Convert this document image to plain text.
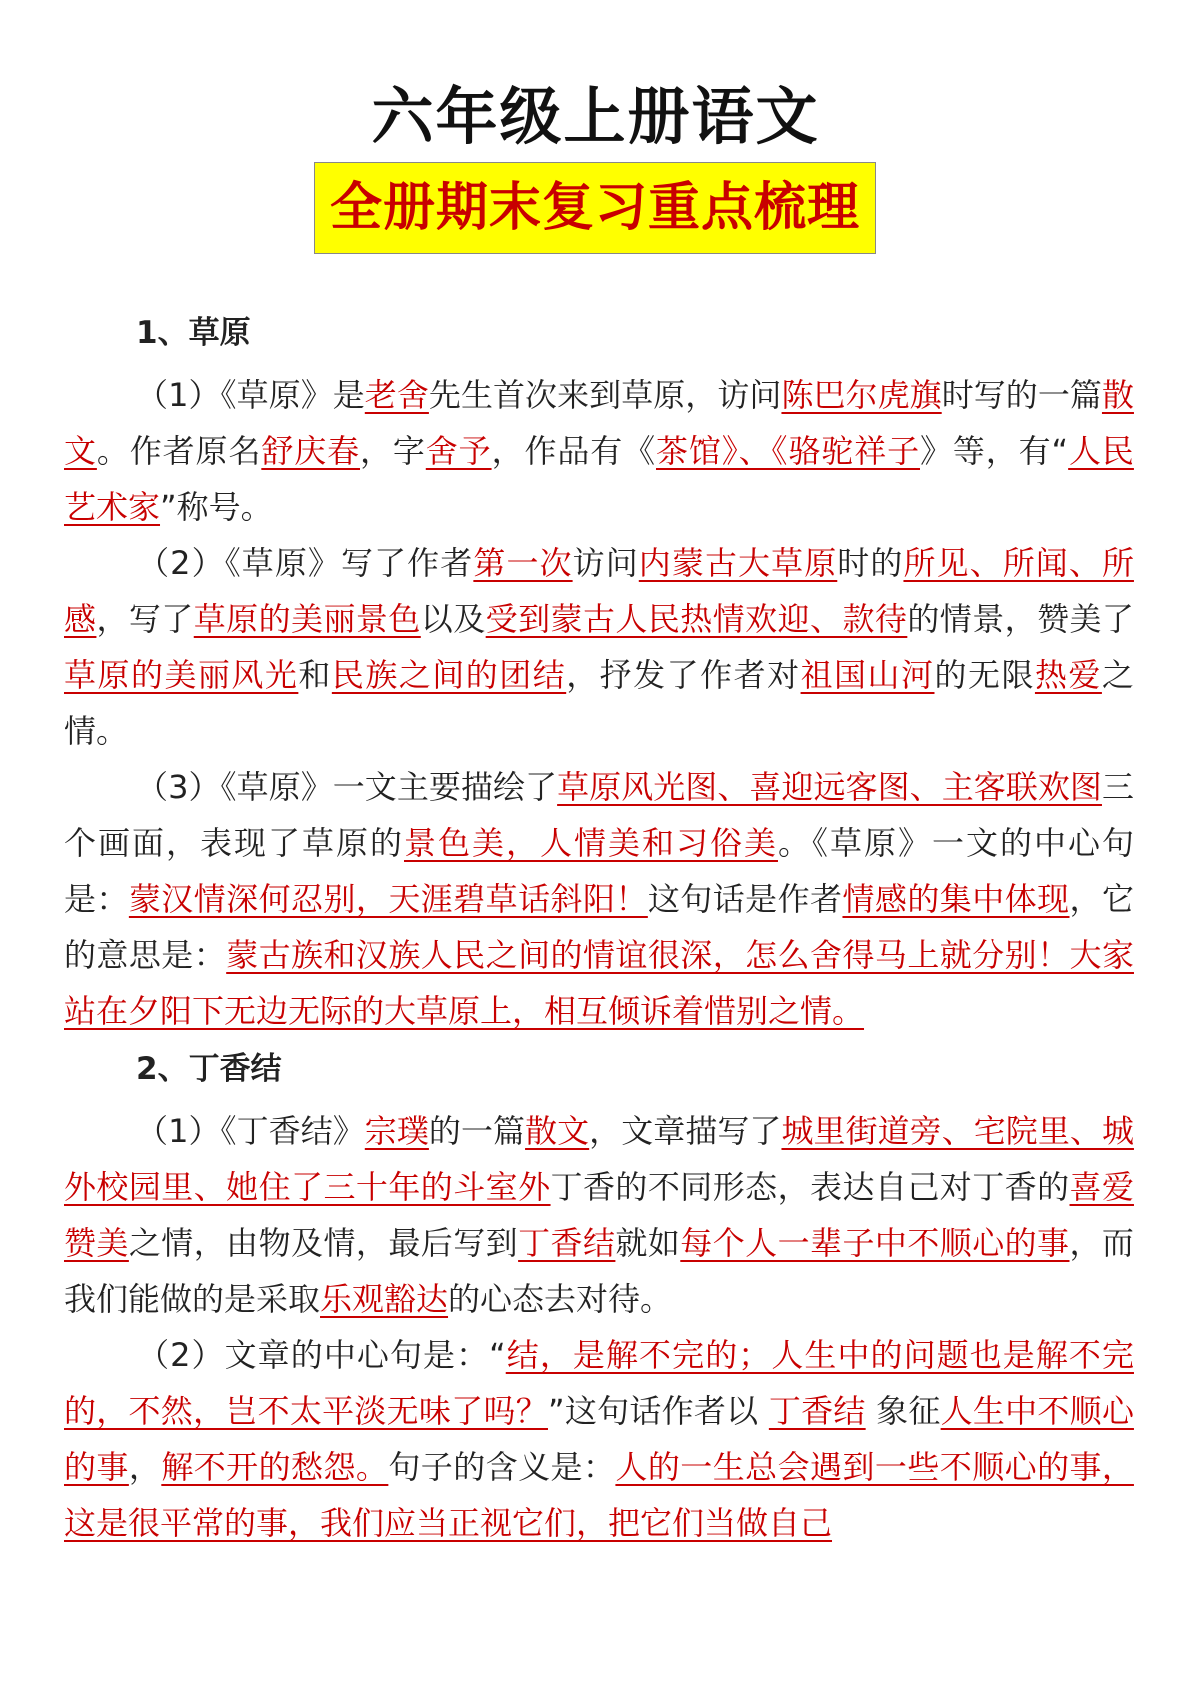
六年级上册语文
全册期末复习重点梳理
1、草原
（1）《草原》是老舍先生首次来到草原，访问陈巴尔虎旗时写的一篇散文。作者原名舒庆春，字舍予，作品有《茶馆》、《骆驼祥子》等，有“人民艺术家”称号。
（2）《草原》写了作者第一次访问内蒙古大草原时的所见、所闻、所感，写了草原的美丽景色以及受到蒙古人民热情欢迎、款待的情景，赞美了草原的美丽风光和民族之间的团结，抒发了作者对祖国山河的无限热爱之情。
（3）《草原》一文主要描绘了草原风光图、喜迎远客图、主客联欢图三个画面，表现了草原的景色美，人情美和习俗美。《草原》一文的中心句是：蒙汉情深何忍别，天涯碧草话斜阳！这句话是作者情感的集中体现，它的意思是：蒙古族和汉族人民之间的情谊很深，怎么舍得马上就分别！大家站在夕阳下无边无际的大草原上，相互倾诉着惜别之情。
2、丁香结
（1）《丁香结》宗璞的一篇散文，文章描写了城里街道旁、宅院里、城外校园里、她住了三十年的斗室外丁香的不同形态，表达自己对丁香的喜爱赞美之情，由物及情，最后写到丁香结就如每个人一辈子中不顺心的事，而我们能做的是采取乐观豁达的心态去对待。
（2）文章的中心句是：“结，是解不完的；人生中的问题也是解不完的，不然，岂不太平淡无味了吗？”这句话作者以 丁香结 象征人生中不顺心的事，解不开的愁怨。句子的含义是：人的一生总会遇到一些不顺心的事，这是很平常的事，我们应当正视它们，把它们当做自己
